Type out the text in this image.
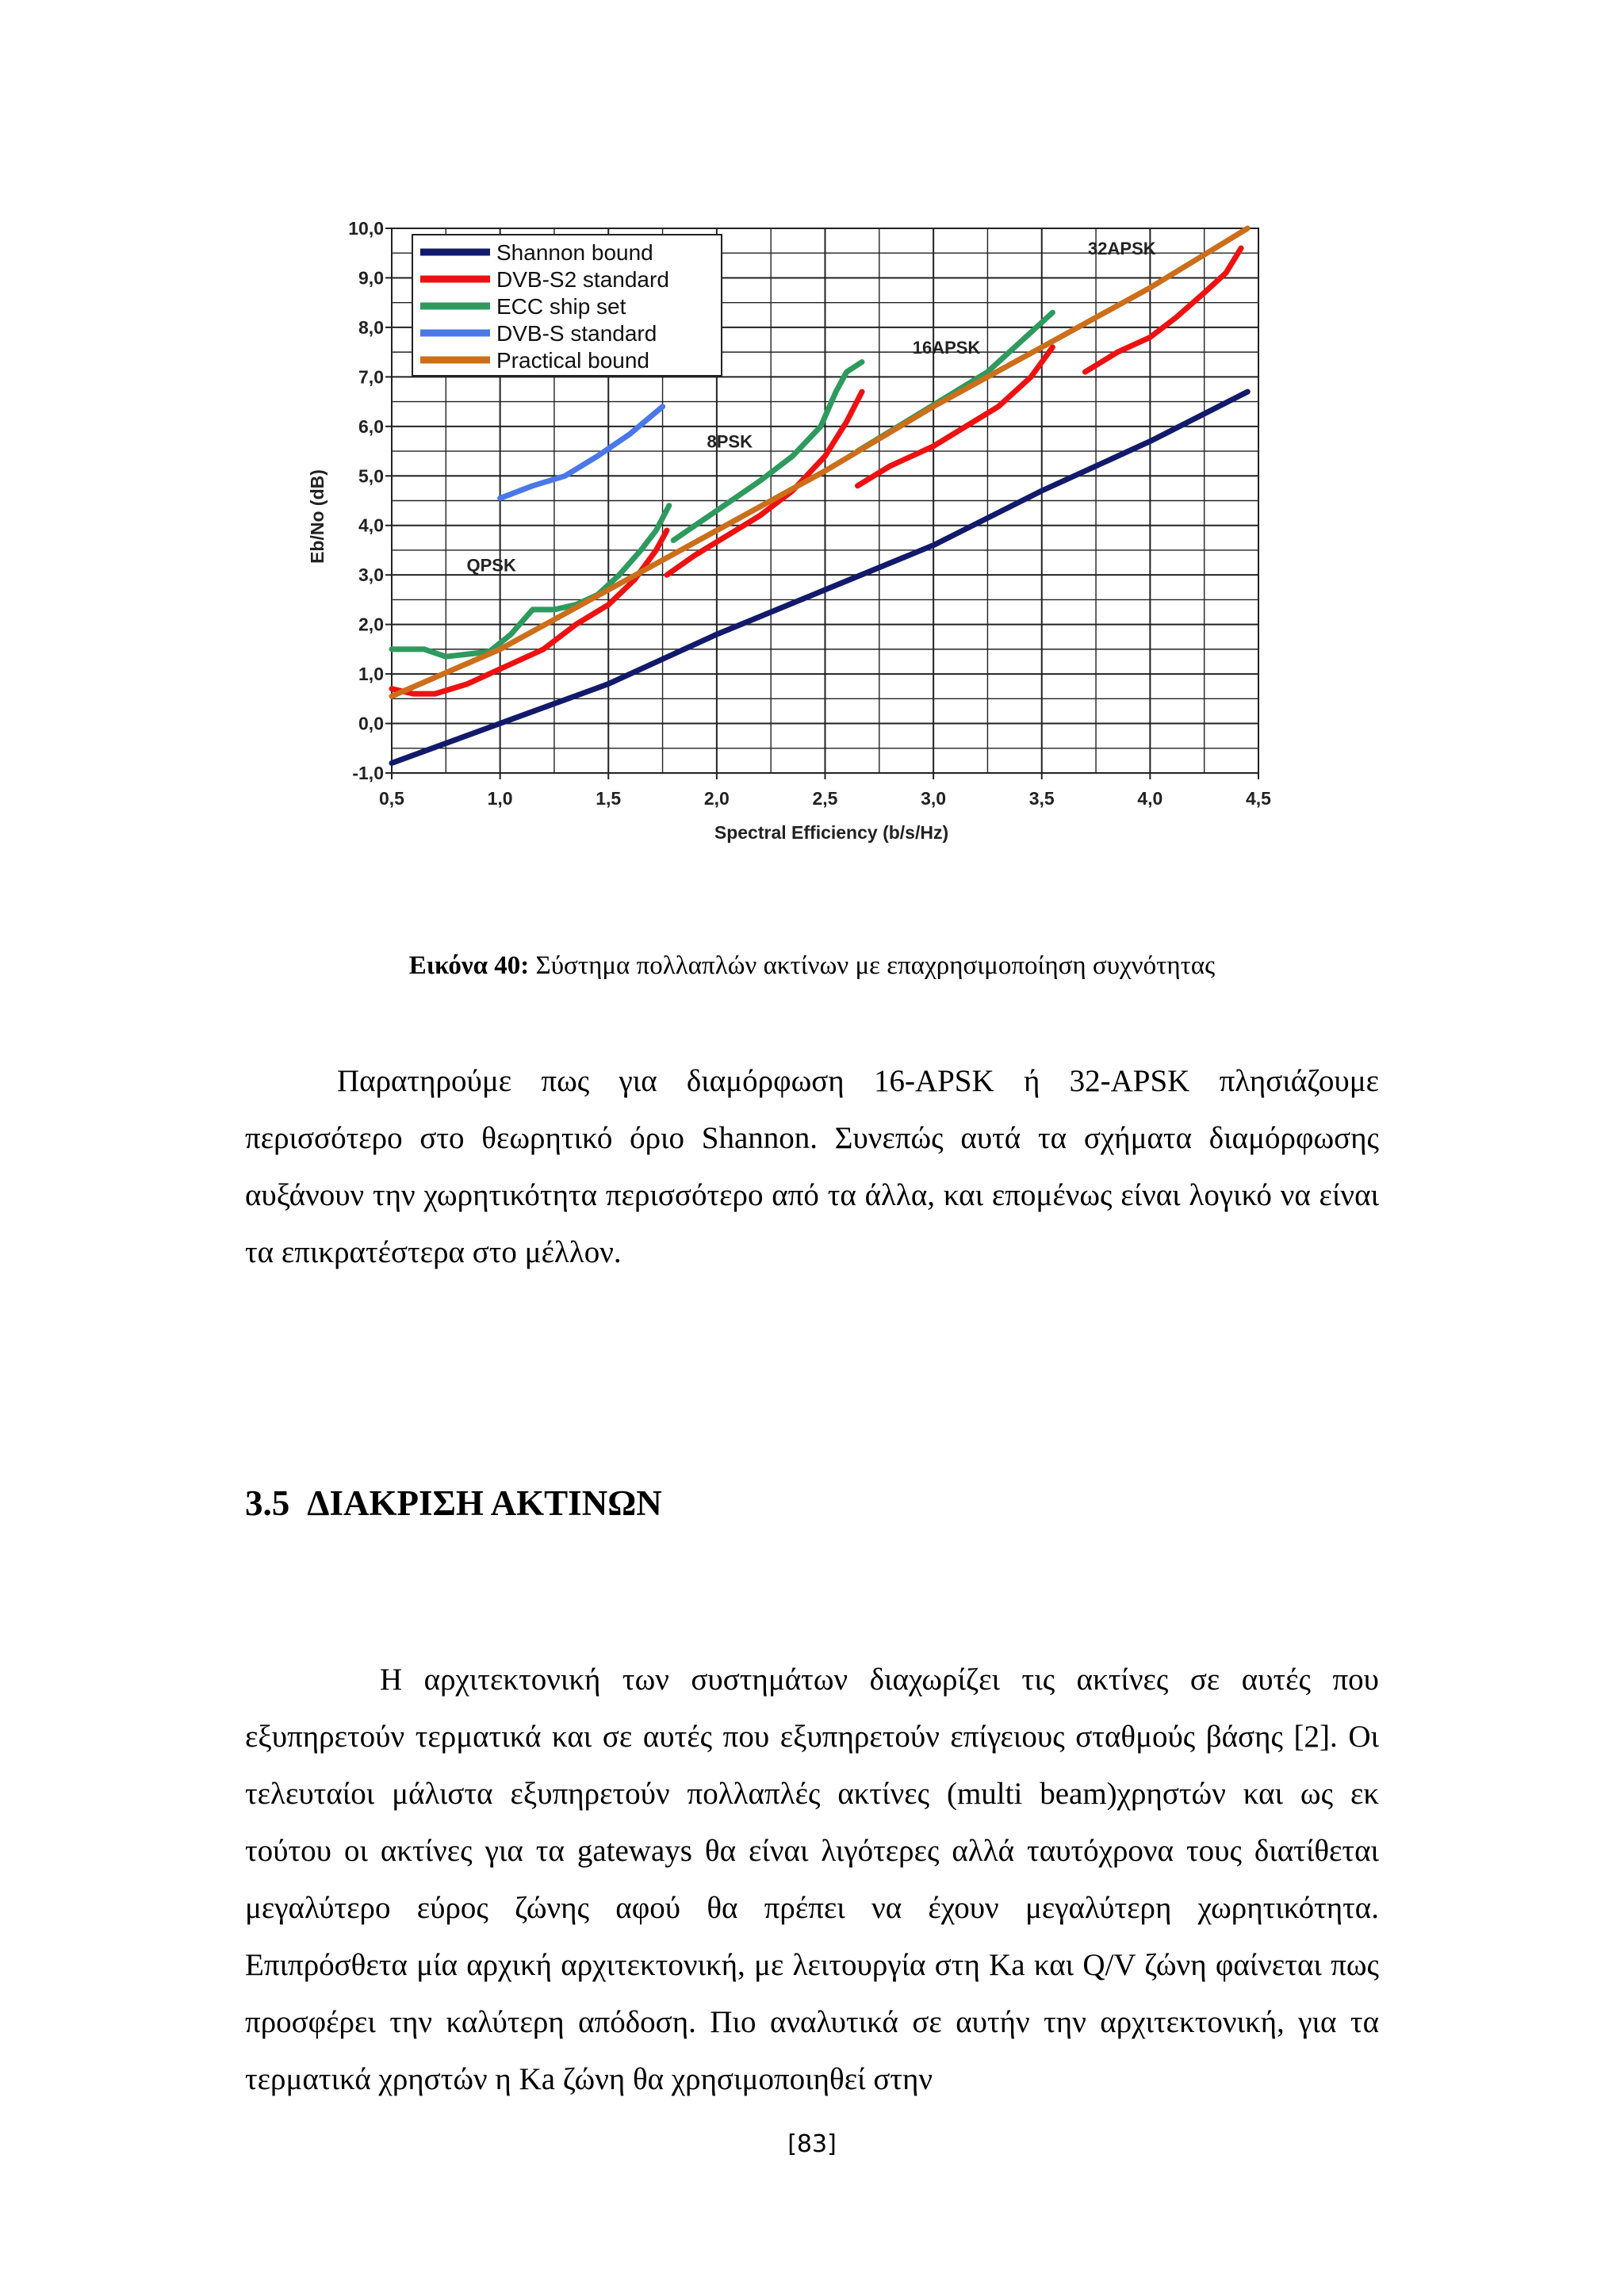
QPSK
8PSK
16APSK
32APSK
0,5	1,0	1,5	2,0	2,5	3,0	3,5	4,0	4,5
10,0
9,0
8,0
7,0
6,0
5,0
4,0
3,0
2,0
1,0
0,0
-1,0
Shannon bound
DVB-S2 standard
ECC ship set
DVB-S standard
Practical bound
Spectral Efficiency (b/s/Hz)
Eb/No (dB)
Εικόνα 40: Σύστημα πολλαπλών ακτίνων με επαχρησιμοποίηση συχνότητας

Παρατηρούμε πως για διαμόρφωση 16-APSK ή 32-APSK πλησιάζουμε περισσότερο στο θεωρητικό όριο Shannon. Συνεπώς αυτά τα σχήματα διαμόρφωσης αυξάνουν την χωρητικότητα περισσότερο από τα άλλα, και επομένως είναι λογικό να είναι τα επικρατέστερα στο μέλλον.

3.5 ΔΙΑΚΡΙΣΗ ΑΚΤΙΝΩΝ

Η αρχιτεκτονική των συστημάτων διαχωρίζει τις ακτίνες σε αυτές που εξυπηρετούν τερματικά και σε αυτές που εξυπηρετούν επίγειους σταθμούς βάσης [2]. Οι τελευταίοι μάλιστα εξυπηρετούν πολλαπλές ακτίνες (multi beam)χρηστών και ως εκ τούτου οι ακτίνες για τα gateways θα είναι λιγότερες αλλά ταυτόχρονα τους διατίθεται μεγαλύτερο εύρος ζώνης αφού θα πρέπει να έχουν μεγαλύτερη χωρητικότητα. Επιπρόσθετα μία αρχική αρχιτεκτονική, με λειτουργία στη Ka και Q/V ζώνη φαίνεται πως προσφέρει την καλύτερη απόδοση. Πιο αναλυτικά σε αυτήν την αρχιτεκτονική, για τα τερματικά χρηστών η Ka ζώνη θα χρησιμοποιηθεί στην

[83]
